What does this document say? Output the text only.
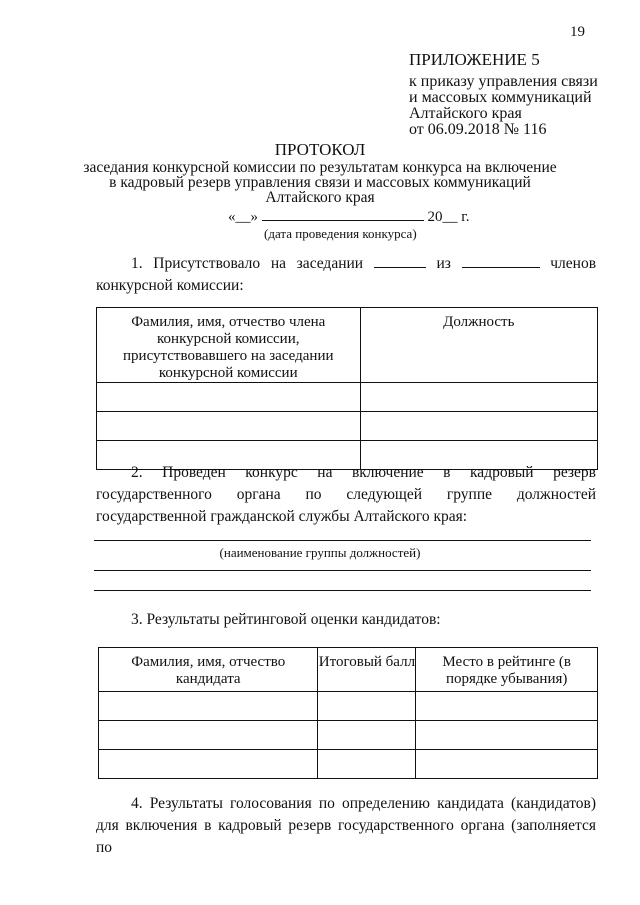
19
ПРИЛОЖЕНИЕ 5
к приказу управления связи
и массовых коммуникаций
Алтайского края
от 06.09.2018 № 116
ПРОТОКОЛ
заседания конкурсной комиссии по результатам конкурса на включение в кадровый резерв управления связи и массовых коммуникаций Алтайского края
«__»	20__ г.
(дата проведения конкурса)
1. Присутствовало на заседании	из	членов конкурсной комиссии:
Фамилия, имя, отчество члена конкурсной комиссии, присутствовавшего на заседании конкурсной комиссии	Должность

2. Проведен конкурс на включение в кадровый резерв государственного органа по следующей группе должностей государственной гражданской службы Алтайского края:
(наименование группы должностей)
3. Результаты рейтинговой оценки кандидатов:
Фамилия, имя, отчество кандидата	Итоговый балл	Место в рейтинге (в порядке убывания)

4. Результаты голосования по определению кандидата (кандидатов) для включения в кадровый резерв государственного органа (заполняется по
